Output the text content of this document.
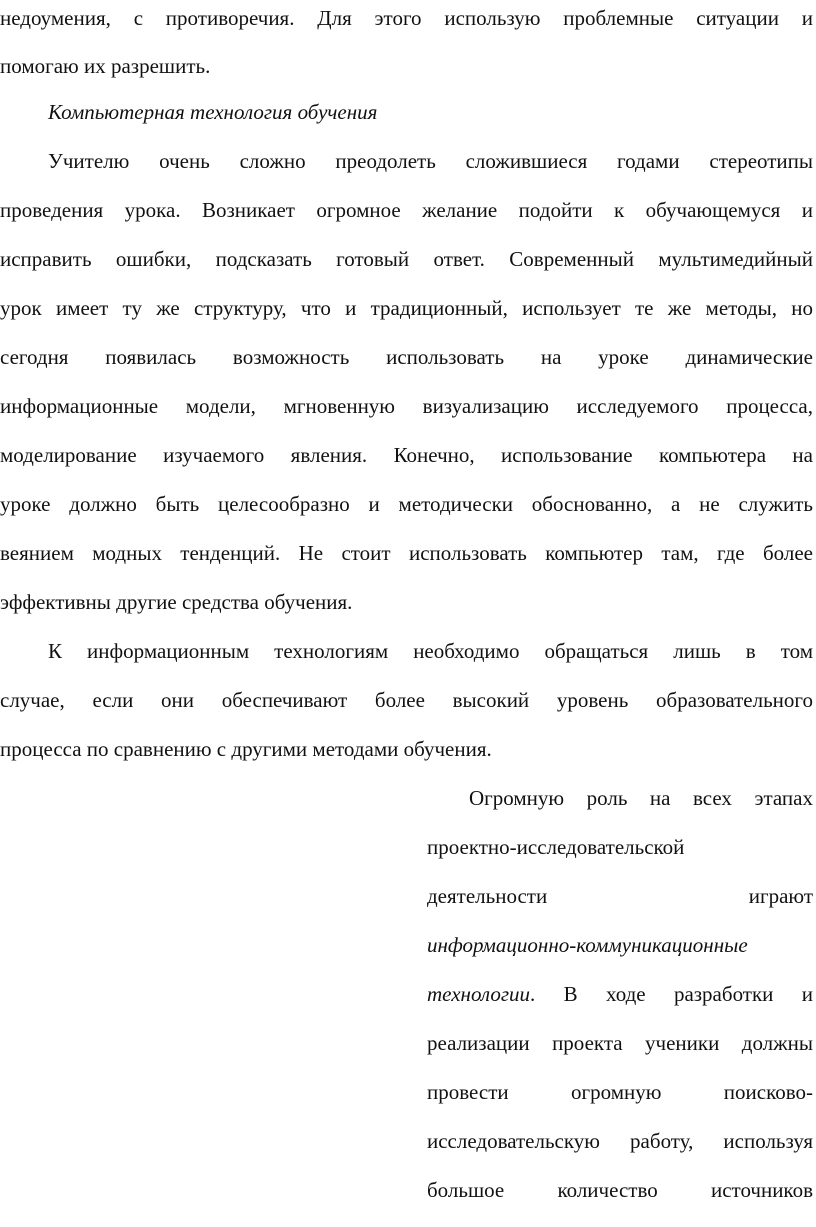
недоумения, с противоречия. Для этого использую проблемные ситуации и
помогаю их разрешить.
Компьютерная технология обучения
Учителю очень сложно преодолеть сложившиеся годами стереотипы
проведения урока. Возникает огромное желание подойти к обучающемуся и
исправить ошибки, подсказать готовый ответ. Современный мультимедийный
урок имеет ту же структуру, что и традиционный, использует те же методы, но
сегодня появилась возможность использовать на уроке динамические
информационные модели, мгновенную визуализацию исследуемого процесса,
моделирование изучаемого явления. Конечно, использование компьютера на
уроке должно быть целесообразно и методически обоснованно, а не служить
веянием модных тенденций. Не стоит использовать компьютер там, где более
эффективны другие средства обучения.
К информационным технологиям необходимо обращаться лишь в том
случае, если они обеспечивают более высокий уровень образовательного
процесса по сравнению с другими методами обучения.
Огромную роль на всех этапах
проектно-исследовательской
деятельности играют
информационно-коммуникационные
технологии . В ходе разработки и
реализации проекта ученики должны
провести огромную поисково-
исследовательскую работу, используя
большое количество источников
